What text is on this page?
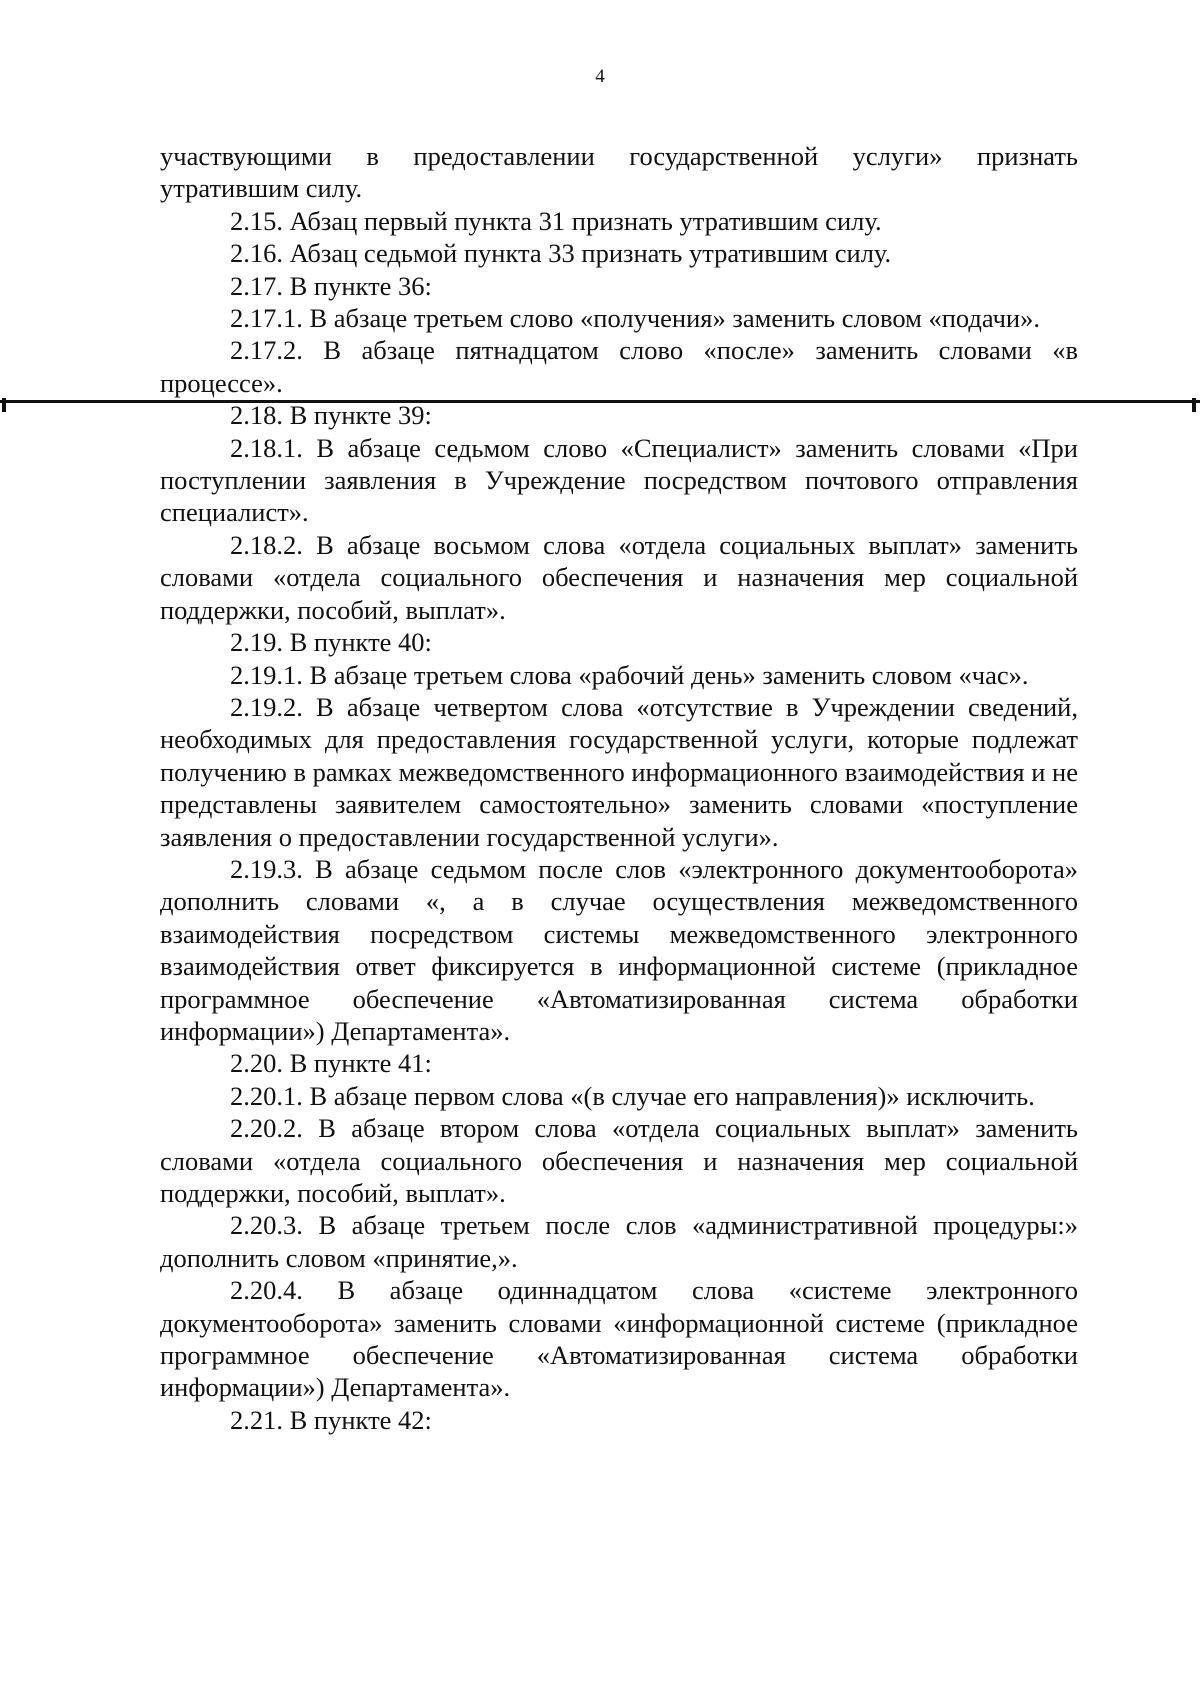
4

участвующими в предоставлении государственной услуги» признать утратившим силу.

2.15. Абзац первый пункта 31 признать утратившим силу.

2.16. Абзац седьмой пункта 33 признать утратившим силу.

2.17. В пункте 36:

2.17.1. В абзаце третьем слово «получения» заменить словом «подачи».

2.17.2. В абзаце пятнадцатом слово «после» заменить словами «в процессе».

2.18. В пункте 39:

2.18.1. В абзаце седьмом слово «Специалист» заменить словами «При поступлении заявления в Учреждение посредством почтового отправления специалист».

2.18.2. В абзаце восьмом слова «отдела социальных выплат» заменить словами «отдела социального обеспечения и назначения мер социальной поддержки, пособий, выплат».

2.19. В пункте 40:

2.19.1. В абзаце третьем слова «рабочий день» заменить словом «час».

2.19.2. В абзаце четвертом слова «отсутствие в Учреждении сведений, необходимых для предоставления государственной услуги, которые подлежат получению в рамках межведомственного информационного взаимодействия и не представлены заявителем самостоятельно» заменить словами «поступление заявления о предоставлении государственной услуги».

2.19.3. В абзаце седьмом после слов «электронного документооборота» дополнить словами «, а в случае осуществления межведомственного взаимодействия посредством системы межведомственного электронного взаимодействия ответ фиксируется в информационной системе (прикладное программное обеспечение «Автоматизированная система обработки информации») Департамента».

2.20. В пункте 41:

2.20.1. В абзаце первом слова «(в случае его направления)» исключить.

2.20.2. В абзаце втором слова «отдела социальных выплат» заменить словами «отдела социального обеспечения и назначения мер социальной поддержки, пособий, выплат».

2.20.3. В абзаце третьем после слов «административной процедуры:» дополнить словом «принятие,».

2.20.4. В абзаце одиннадцатом слова «системе электронного документооборота» заменить словами «информационной системе (прикладное программное обеспечение «Автоматизированная система обработки информации») Департамента».

2.21. В пункте 42:
